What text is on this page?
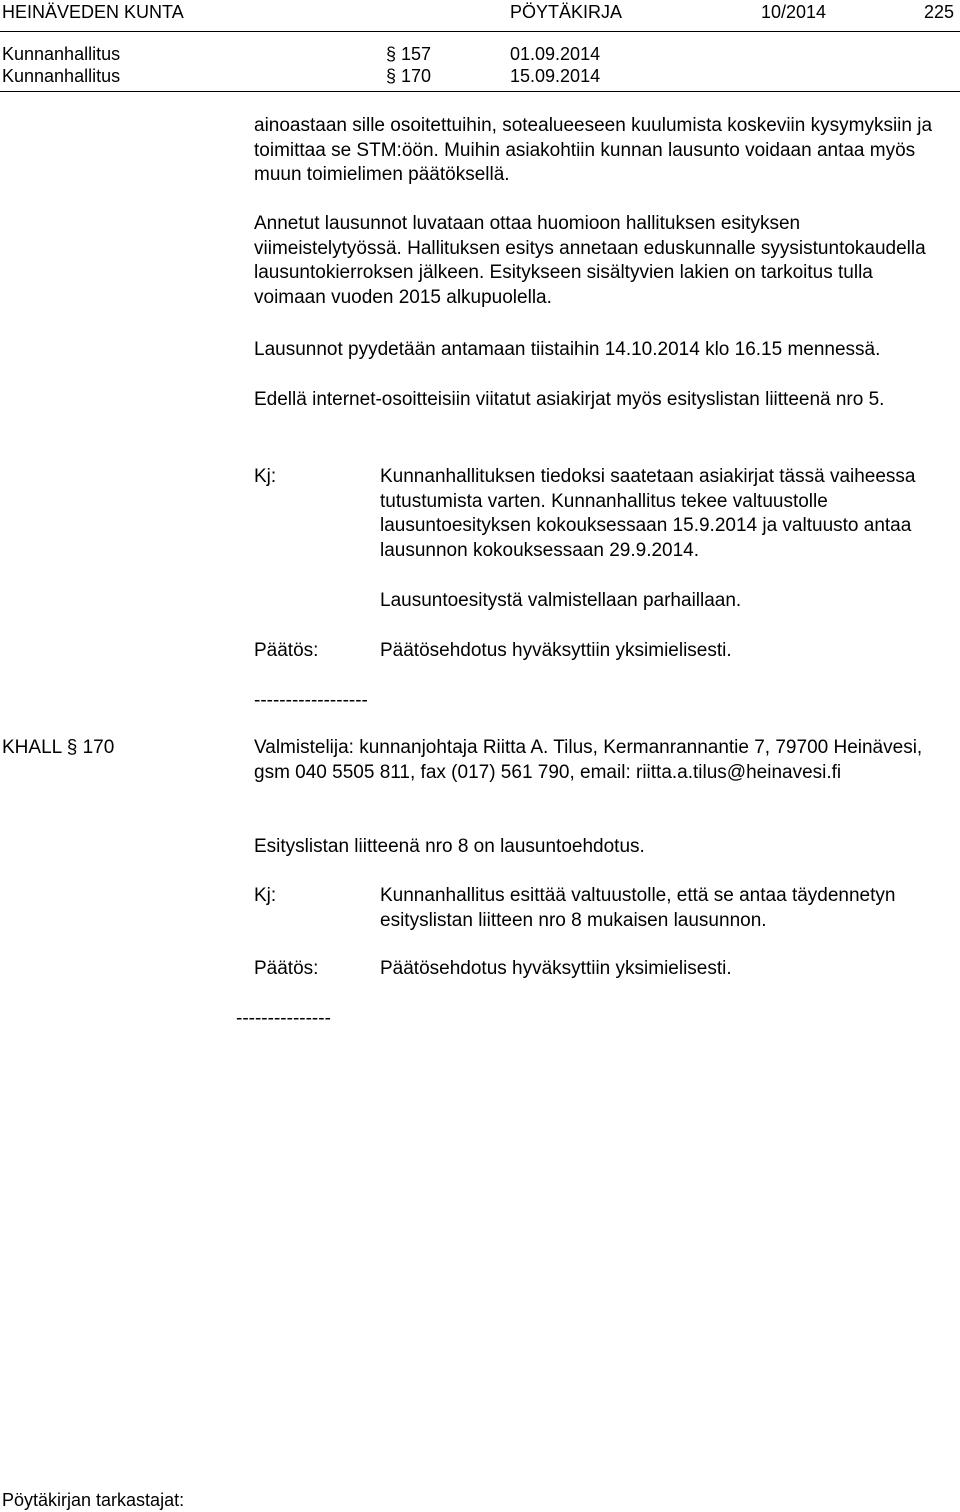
HEINÄVEDEN KUNTA	PÖYTÄKIRJA	10/2014	225
Kunnanhallitus	§ 157	01.09.2014
Kunnanhallitus	§ 170	15.09.2014

ainoastaan sille osoitettuihin, sotealueeseen kuulumista koskeviin kysymyksiin ja toimittaa se STM:öön. Muihin asiakohtiin kunnan lausunto voidaan antaa myös muun toimielimen päätöksellä.

Annetut lausunnot luvataan ottaa huomioon hallituksen esityksen viimeistelytyössä. Hallituksen esitys annetaan eduskunnalle syysistuntokaudella lausuntokierroksen jälkeen. Esitykseen sisältyvien lakien on tarkoitus tulla voimaan vuoden 2015 alkupuolella.

Lausunnot pyydetään antamaan tiistaihin 14.10.2014 klo 16.15 mennessä.

Edellä internet-osoitteisiin viitatut asiakirjat myös esityslistan liitteenä nro 5.

Kj:	Kunnanhallituksen tiedoksi saatetaan asiakirjat tässä vaiheessa tutustumista varten. Kunnanhallitus tekee valtuustolle lausuntoesityksen kokouksessaan 15.9.2014 ja valtuusto antaa lausunnon kokouksessaan 29.9.2014.

Lausuntoesitystä valmistellaan parhaillaan.

Päätös:	Päätösehdotus hyväksyttiin yksimielisesti.

------------------
KHALL § 170	Valmistelija: kunnanjohtaja Riitta A. Tilus, Kermanrannantie 7, 79700 Heinävesi, gsm 040 5505 811, fax (017) 561 790, email: riitta.a.tilus@heinavesi.fi

Esityslistan liitteenä nro 8 on lausuntoehdotus.

Kj:	Kunnanhallitus esittää valtuustolle, että se antaa täydennetyn esityslistan liitteen nro 8 mukaisen lausunnon.

Päätös:	Päätösehdotus hyväksyttiin yksimielisesti.

---------------
Pöytäkirjan tarkastajat:
